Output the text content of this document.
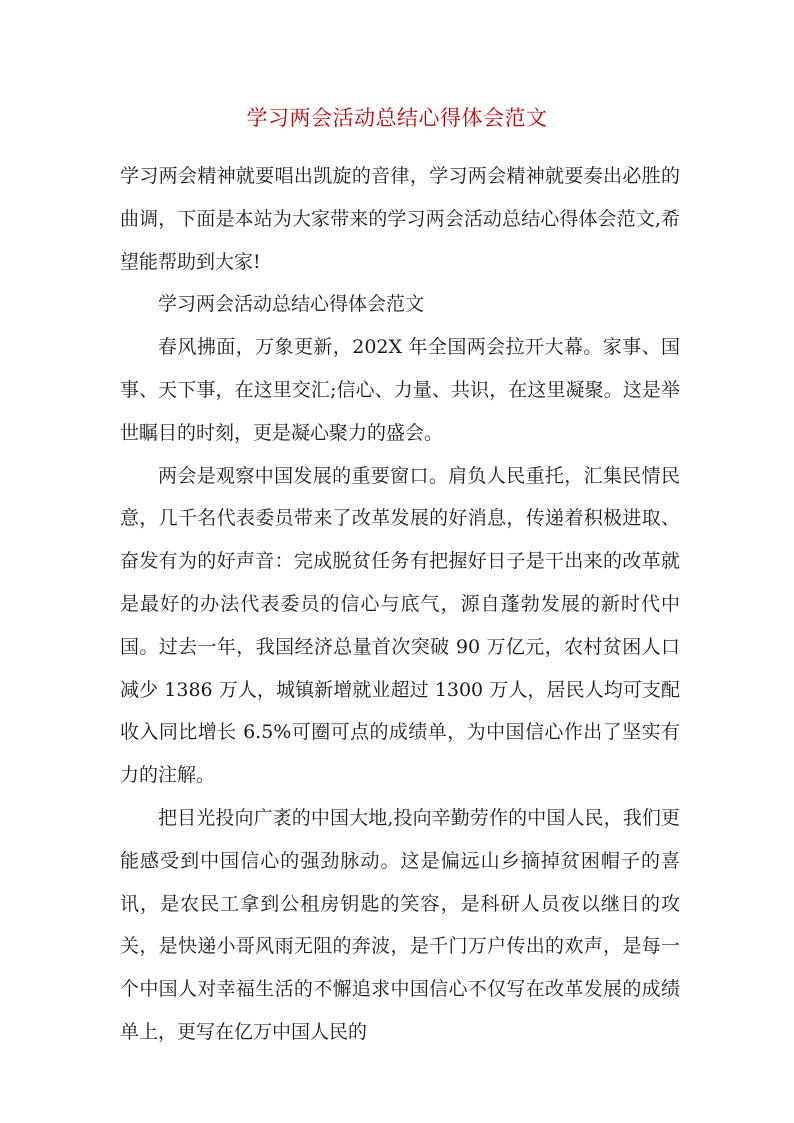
学习两会活动总结心得体会范文

学习两会精神就要唱出凯旋的音律，学习两会精神就要奏出必胜的曲调，下面是本站为大家带来的学习两会活动总结心得体会范文,希望能帮助到大家!

学习两会活动总结心得体会范文

春风拂面，万象更新，202X 年全国两会拉开大幕。家事、国事、天下事，在这里交汇;信心、力量、共识，在这里凝聚。这是举世瞩目的时刻，更是凝心聚力的盛会。

两会是观察中国发展的重要窗口。肩负人民重托，汇集民情民意，几千名代表委员带来了改革发展的好消息，传递着积极进取、奋发有为的好声音：完成脱贫任务有把握好日子是干出来的改革就是最好的办法代表委员的信心与底气，源自蓬勃发展的新时代中国。过去一年，我国经济总量首次突破 90 万亿元，农村贫困人口减少 1386 万人，城镇新增就业超过 1300 万人，居民人均可支配收入同比增长 6.5%可圈可点的成绩单，为中国信心作出了坚实有力的注解。

把目光投向广袤的中国大地,投向辛勤劳作的中国人民，我们更能感受到中国信心的强劲脉动。这是偏远山乡摘掉贫困帽子的喜讯，是农民工拿到公租房钥匙的笑容，是科研人员夜以继日的攻关，是快递小哥风雨无阻的奔波，是千门万户传出的欢声，是每一个中国人对幸福生活的不懈追求中国信心不仅写在改革发展的成绩单上，更写在亿万中国人民的
